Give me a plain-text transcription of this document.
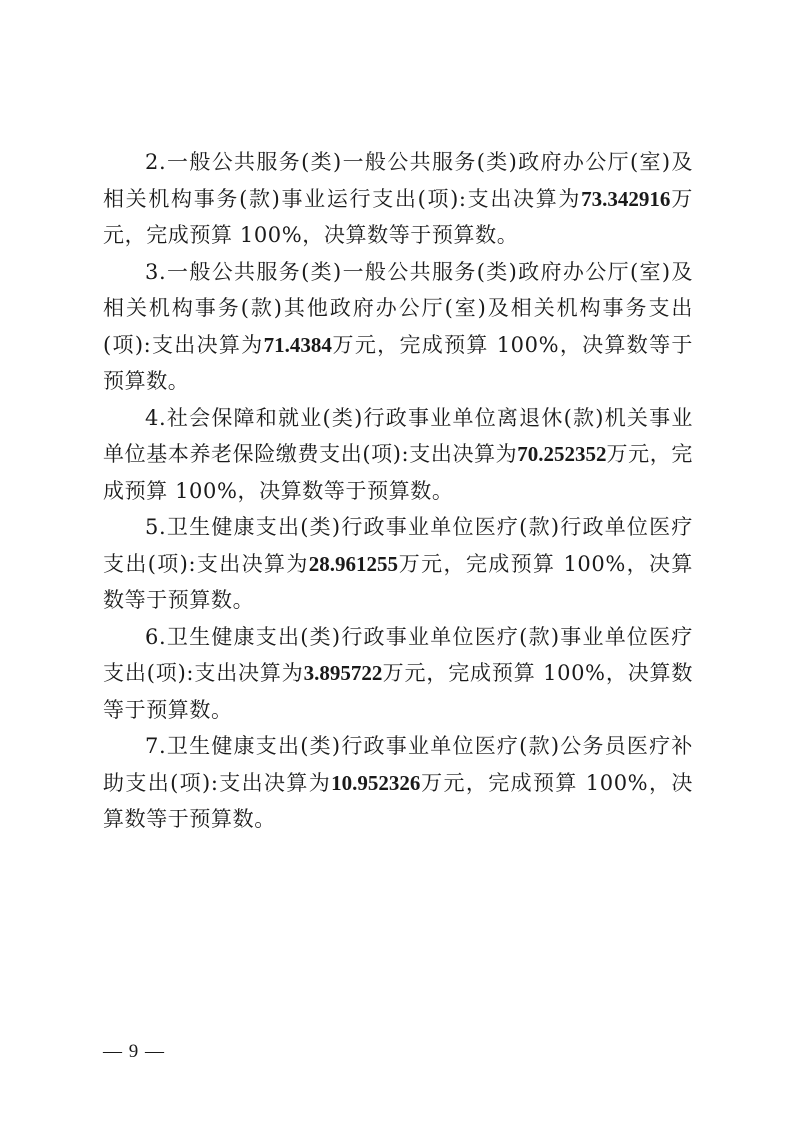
2.一般公共服务(类)一般公共服务(类)政府办公厅(室)及相关机构事务(款)事业运行支出(项):支出决算为73.342916万元，完成预算 100%，决算数等于预算数。

3.一般公共服务(类)一般公共服务(类)政府办公厅(室)及相关机构事务(款)其他政府办公厅(室)及相关机构事务支出(项):支出决算为71.4384万元，完成预算 100%，决算数等于预算数。

4.社会保障和就业(类)行政事业单位离退休(款)机关事业单位基本养老保险缴费支出(项):支出决算为70.252352万元，完成预算 100%，决算数等于预算数。

5.卫生健康支出(类)行政事业单位医疗(款)行政单位医疗支出(项):支出决算为28.961255万元，完成预算 100%，决算数等于预算数。

6.卫生健康支出(类)行政事业单位医疗(款)事业单位医疗支出(项):支出决算为3.895722万元，完成预算 100%，决算数等于预算数。

7.卫生健康支出(类)行政事业单位医疗(款)公务员医疗补助支出(项):支出决算为10.952326万元，完成预算 100%，决算数等于预算数。

— 9 —
